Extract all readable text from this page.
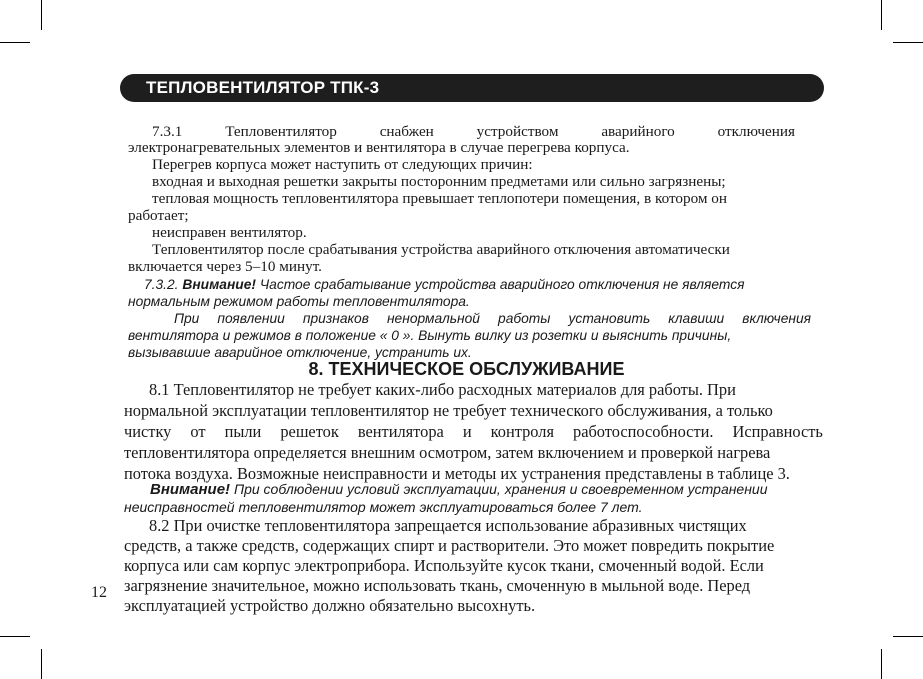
ТЕПЛОВЕНТИЛЯТОР ТПК-3
7.3.1	Тепловентилятор	снабжен	устройством	аварийного	отключения
электронагревательных элементов и вентилятора в случае перегрева корпуса.
Перегрев корпуса может наступить от следующих причин:
входная и выходная решетки закрыты посторонним предметами или сильно загрязнены;
тепловая мощность тепловентилятора превышает теплопотери помещения, в котором он
работает;
неисправен вентилятор.
Тепловентилятор после срабатывания устройства аварийного отключения автоматически
включается через 5–10 минут.
7.3.2. Внимание! Частое срабатывание устройства аварийного отключения не является
нормальным режимом работы тепловентилятора.
При появлении признаков ненормальной работы установить клавиши включения
вентилятора и режимов в положение « 0 ». Вынуть вилку из розетки и выяснить причины,
вызывавшие аварийное отключение, устранить их.
8. ТЕХНИЧЕСКОЕ ОБСЛУЖИВАНИЕ
8.1 Тепловентилятор не требует каких-либо расходных материалов для работы. При
нормальной эксплуатации тепловентилятор не требует технического обслуживания, а только
чистку от пыли решеток вентилятора и контроля работоспособности. Исправность
тепловентилятора определяется внешним осмотром, затем включением и проверкой нагрева
потока воздуха. Возможные неисправности и методы их устранения представлены в таблице 3.
Внимание! При соблюдении условий эксплуатации, хранения и своевременном устранении
неисправностей тепловентилятор может эксплуатироваться более 7 лет.
8.2 При очистке тепловентилятора запрещается использование абразивных чистящих
средств, а также средств, содержащих спирт и растворители. Это может повредить покрытие
корпуса или сам корпус электроприбора. Используйте кусок ткани, смоченный водой. Если
загрязнение значительное, можно использовать ткань, смоченную в мыльной воде. Перед
эксплуатацией устройство должно обязательно высохнуть.
12
